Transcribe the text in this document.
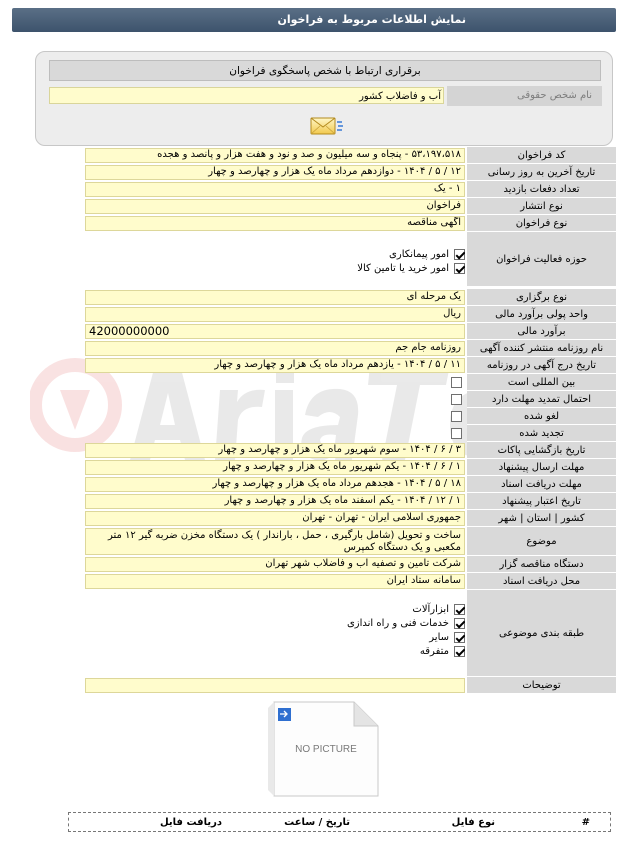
نمایش اطلاعات مربوط به فراخوان
برقراری ارتباط با شخص پاسخگوی فراخوان
نام شخص حقوقی
آب و فاضلاب کشور
کد فراخوان
۵۳،۱۹۷،۵۱۸ - پنجاه و سه میلیون و صد و نود و هفت هزار و پانصد و هجده
تاریخ آخرین به روز رسانی
۱۲ / ۵ / ۱۴۰۴ - دوازدهم مرداد ماه یک هزار و چهارصد و چهار
تعداد دفعات بازدید
۱ - یک
نوع انتشار
فراخوان
نوع فراخوان
آگهی مناقصه
حوزه فعالیت فراخوان
امور پیمانکاری
امور خرید یا تامین کالا
نوع برگزاری
یک مرحله ای
واحد پولی برآورد مالی
ریال
برآورد مالی
42000000000
نام روزنامه منتشر کننده آگهی
روزنامه جام جم
تاریخ درج آگهی در روزنامه
۱۱ / ۵ / ۱۴۰۴ - یازدهم مرداد ماه یک هزار و چهارصد و چهار
بین المللی است
احتمال تمدید مهلت دارد
لغو شده
تجدید شده
تاریخ بازگشایی پاکات
۳ / ۶ / ۱۴۰۴ - سوم شهریور ماه یک هزار و چهارصد و چهار
مهلت ارسال پیشنهاد
۱ / ۶ / ۱۴۰۴ - یکم شهریور ماه یک هزار و چهارصد و چهار
مهلت دریافت اسناد
۱۸ / ۵ / ۱۴۰۴ - هجدهم مرداد ماه یک هزار و چهارصد و چهار
تاریخ اعتبار پیشنهاد
۱ / ۱۲ / ۱۴۰۴ - یکم اسفند ماه یک هزار و چهارصد و چهار
کشور | استان | شهر
جمهوری اسلامی ایران - تهران - تهران
موضوع
ساخت و تحویل (شامل بارگیری ، حمل ، باراندار ) یک دستگاه مخزن ضربه گیر ۱۲ متر مکعبی و یک دستگاه کمپرس
دستگاه مناقصه گزار
شرکت تامین و تصفیه آب و فاضلاب شهر تهران
محل دریافت اسناد
سامانه ستاد ایران
طبقه بندی موضوعی
ابزارآلات
خدمات فنی و راه اندازی
سایر
متفرقه
توضیحات
NO PICTURE
#
نوع فایل
تاریخ / ساعت
دریافت فایل
